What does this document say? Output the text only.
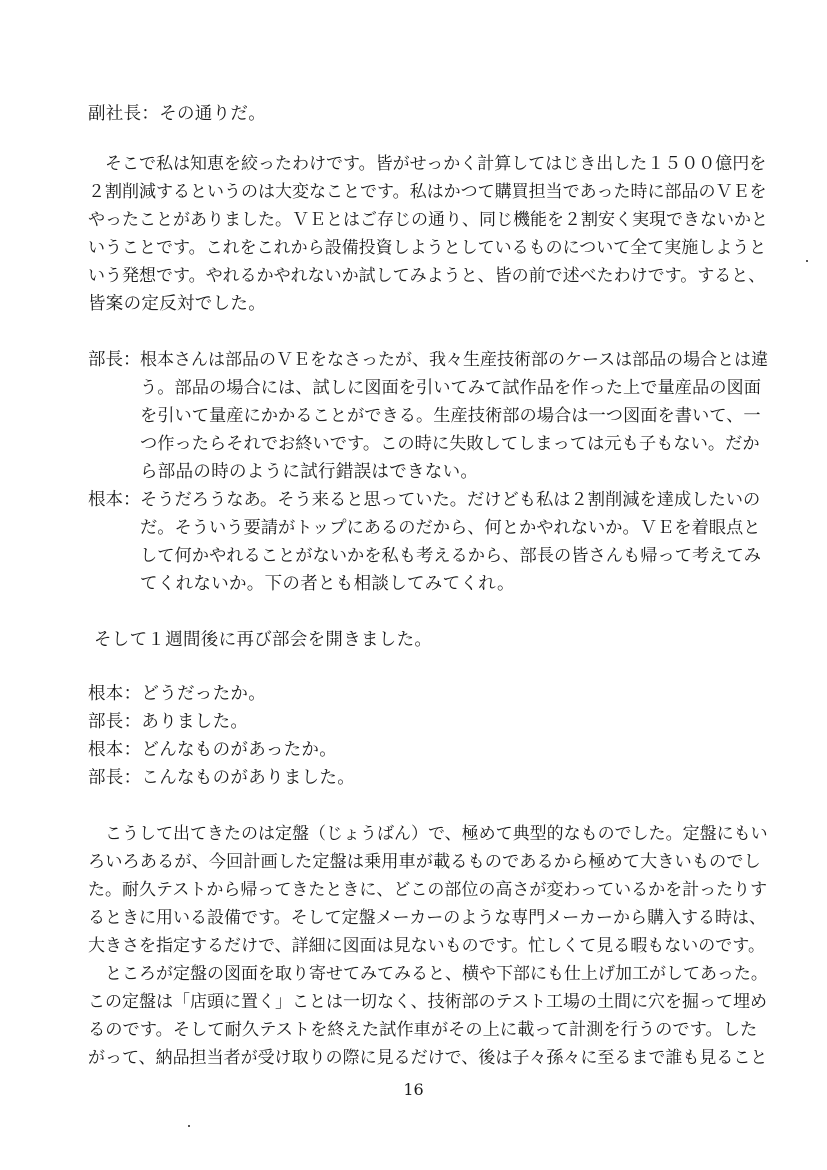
副社長：その通りだ。
　そこで私は知恵を絞ったわけです。皆がせっかく計算してはじき出した１５００億円を
２割削減するというのは大変なことです。私はかつて購買担当であった時に部品のＶＥを
やったことがありました。ＶＥとはご存じの通り、同じ機能を２割安く実現できないかと
いうことです。これをこれから設備投資しようとしているものについて全て実施しようと
いう発想です。やれるかやれないか試してみようと、皆の前で述べたわけです。すると、
皆案の定反対でした。
部長： 根本さんは部品のＶＥをなさったが、我々生産技術部のケースは部品の場合とは違
う。部品の場合には、試しに図面を引いてみて試作品を作った上で量産品の図面
を引いて量産にかかることができる。生産技術部の場合は一つ図面を書いて、一
つ作ったらそれでお終いです。この時に失敗してしまっては元も子もない。だか
ら部品の時のように試行錯誤はできない。
根本： そうだろうなあ。そう来ると思っていた。だけども私は２割削減を達成したいの
だ。そういう要請がトップにあるのだから、何とかやれないか。ＶＥを着眼点と
して何かやれることがないかを私も考えるから、部長の皆さんも帰って考えてみ
てくれないか。下の者とも相談してみてくれ。
そして１週間後に再び部会を開きました。
根本：どうだったか。
部長：ありました。
根本：どんなものがあったか。
部長：こんなものがありました。
　こうして出てきたのは定盤（じょうばん）で、極めて典型的なものでした。定盤にもい
ろいろあるが、今回計画した定盤は乗用車が載るものであるから極めて大きいものでし
た。耐久テストから帰ってきたときに、どこの部位の高さが変わっているかを計ったりす
るときに用いる設備です。そして定盤メーカーのような専門メーカーから購入する時は、
大きさを指定するだけで、詳細に図面は見ないものです。忙しくて見る暇もないのです。
　ところが定盤の図面を取り寄せてみてみると、横や下部にも仕上げ加工がしてあった。
この定盤は「店頭に置く」ことは一切なく、技術部のテスト工場の土間に穴を掘って埋め
るのです。そして耐久テストを終えた試作車がその上に載って計測を行うのです。した
がって、納品担当者が受け取りの際に見るだけで、後は子々孫々に至るまで誰も見ること
16
